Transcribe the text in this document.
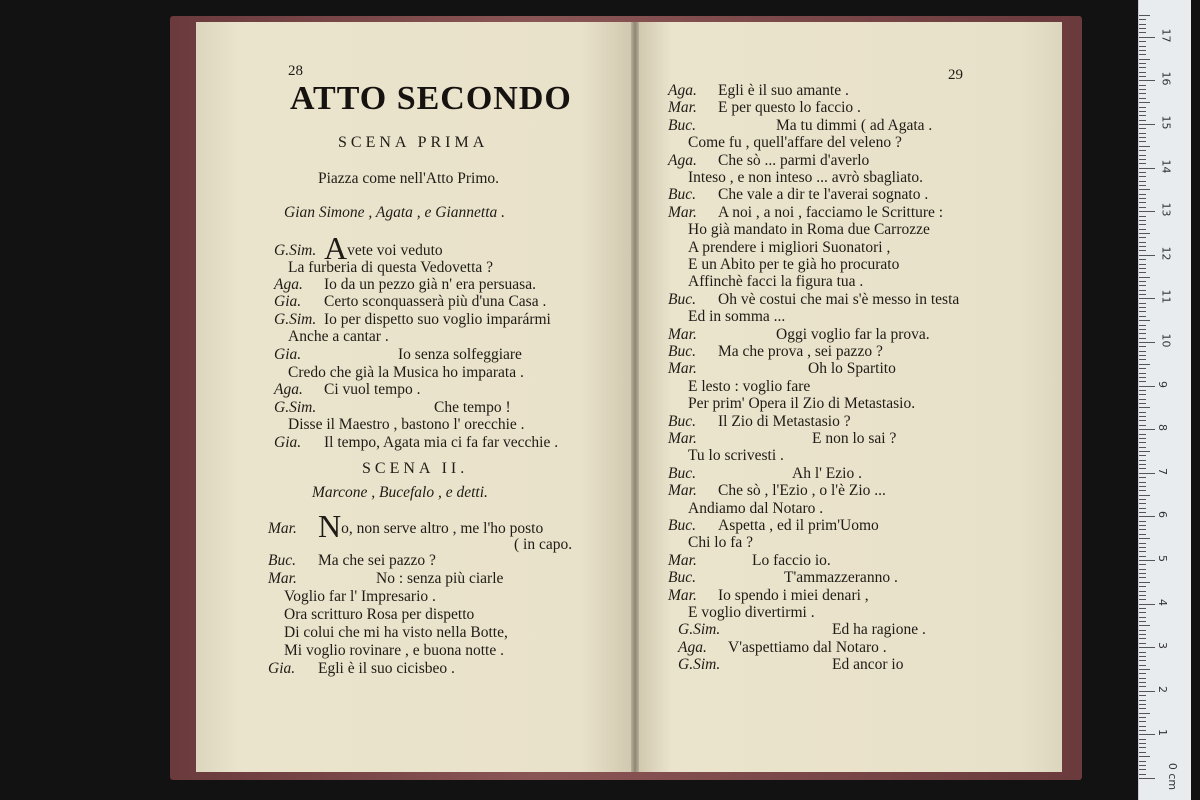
28
ATTO SECONDO
SCENA PRIMA
Piazza come nell'Atto Primo.
Gian Simone , Agata , e Giannetta .
G.Sim. Avete voi veduto
La furberia di questa Vedovetta ?
Aga. Io da un pezzo già n' era persuasa.
Gia. Certo sconquasserà più d'una Casa .
G.Sim. Io per dispetto suo voglio imparármi
Anche a cantar .
Gia.	Io senza solfeggiare
Credo che già la Musica ho imparata .
Aga. Ci vuol tempo .
G.Sim.	Che tempo !
Disse il Maestro , bastono l' orecchie .
Gia. Il tempo, Agata mia ci fa far vecchie .
SCENA II.
Marcone , Bucefalo , e detti.
Mar. No, non serve altro , me l'ho posto
( in capo.
Buc. Ma che sei pazzo ?
Mar.	No : senza più ciarle
Voglio far l' Impresario .
Ora scritturo Rosa per dispetto
Di colui che mi ha visto nella Botte,
Mi voglio rovinare , e buona notte .
Gia. Egli è il suo cicisbeo .
29
Aga. Egli è il suo amante .
Mar. E per questo lo faccio .
Buc.	Ma tu dimmi ( ad Agata .
Come fu , quell'affare del veleno ?
Aga. Che sò ... parmi d'averlo
Inteso , e non inteso ... avrò sbagliato.
Buc. Che vale a dir te l'averai sognato .
Mar. A noi , a noi , facciamo le Scritture :
Ho già mandato in Roma due Carrozze
A prendere i migliori Suonatori ,
E un Abito per te già ho procurato
Affinchè facci la figura tua .
Buc. Oh vè costui che mai s'è messo in testa
Ed in somma ...
Mar.	Oggi voglio far la prova.
Buc. Ma che prova , sei pazzo ?
Mar.	Oh lo Spartito
E lesto : voglio fare
Per prim' Opera il Zio di Metastasio.
Buc. Il Zio di Metastasio ?
Mar.	E non lo sai ?
Tu lo scrivesti .
Buc.	Ah l' Ezio .
Mar. Che sò , l'Ezio , o l'è Zio ...
Andiamo dal Notaro .
Buc. Aspetta , ed il prim'Uomo
Chi lo fa ?
Mar.	Lo faccio io.
Buc.	T'ammazzeranno .
Mar. Io spendo i miei denari ,
E voglio divertirmi .
G.Sim.	Ed ha ragione .
Aga. V'aspettiamo dal Notaro .
G.Sim.	Ed ancor io
0 cm
1
2
3
4
5
6
7
8
9
10
11
12
13
14
15
16
17
